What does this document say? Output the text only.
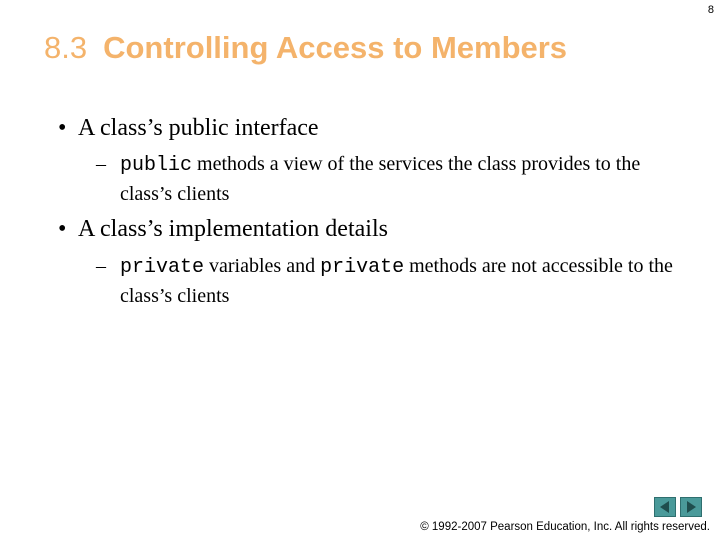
8
8.3 Controlling Access to Members
• A class’s public interface
– public methods a view of the services the class provides to the class’s clients
• A class’s implementation details
– private variables and private methods are not accessible to the class’s clients
© 1992-2007 Pearson Education, Inc. All rights reserved.
